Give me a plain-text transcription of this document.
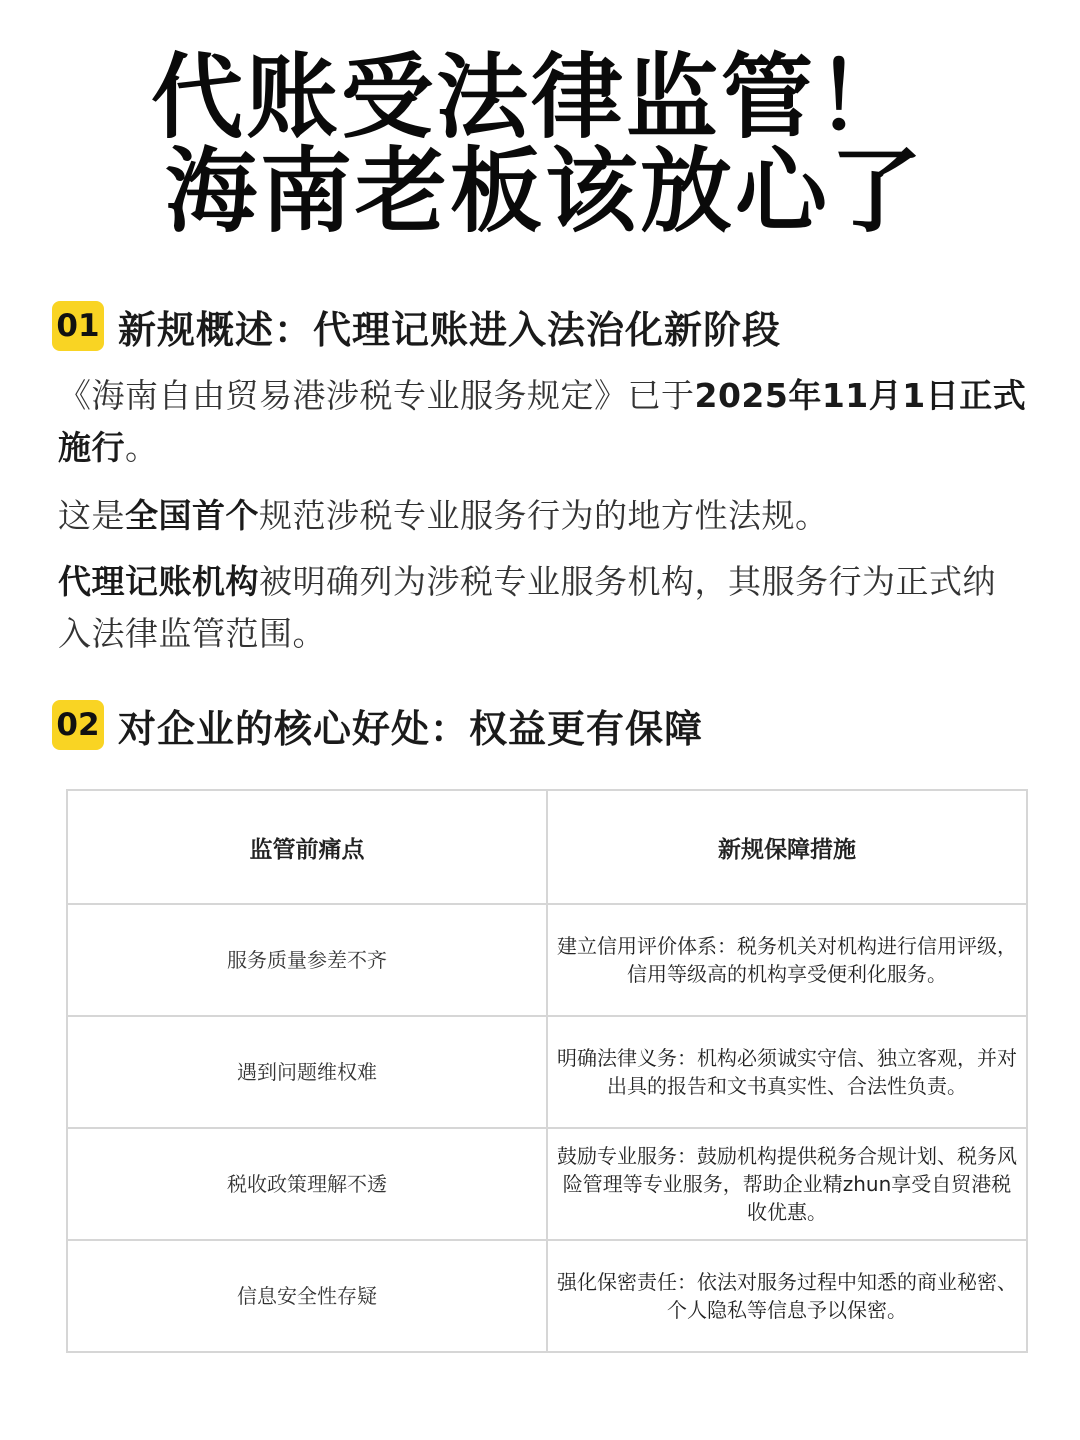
代账受法律监管！
海南老板该放心了
01 新规概述：代理记账进入法治化新阶段
《海南自由贸易港涉税专业服务规定》已于2025年11月1日正式施行。
这是全国首个规范涉税专业服务行为的地方性法规。
代理记账机构被明确列为涉税专业服务机构，其服务行为正式纳入法律监管范围。
02 对企业的核心好处：权益更有保障
监管前痛点	新规保障措施
服务质量参差不齐	建立信用评价体系：税务机关对机构进行信用评级，信用等级高的机构享受便利化服务。
遇到问题维权难	明确法律义务：机构必须诚实守信、独立客观，并对出具的报告和文书真实性、合法性负责。
税收政策理解不透	鼓励专业服务：鼓励机构提供税务合规计划、税务风险管理等专业服务，帮助企业精zhun享受自贸港税收优惠。
信息安全性存疑	强化保密责任：依法对服务过程中知悉的商业秘密、个人隐私等信息予以保密。
